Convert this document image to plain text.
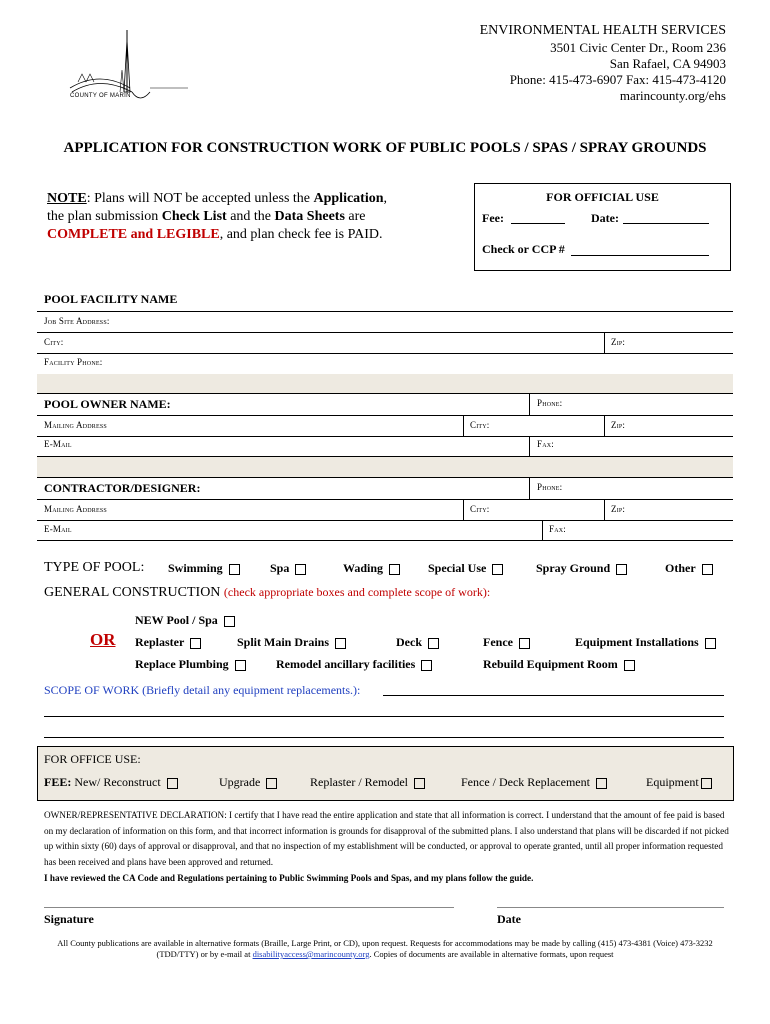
COUNTY OF MARIN
ENVIRONMENTAL HEALTH SERVICES
3501 Civic Center Dr., Room 236
San Rafael, CA 94903
Phone: 415-473-6907 Fax: 415-473-4120
marincounty.org/ehs
APPLICATION FOR CONSTRUCTION WORK OF PUBLIC POOLS / SPAS / SPRAY GROUNDS
NOTE: Plans will NOT be accepted unless the Application,
the plan submission Check List and the Data Sheets are
COMPLETE and LEGIBLE, and plan check fee is PAID.
FOR OFFICIAL USE
Fee:	Date:
Check or CCP #
POOL FACILITY NAME
Job Site Address:
City:	Zip:
Facility Phone:
POOL OWNER NAME:	Phone:
Mailing Address	City:	Zip:
E-Mail	Fax:
CONTRACTOR/DESIGNER:	Phone:
Mailing Address	City:	Zip:
E-Mail	Fax:
TYPE OF POOL: Swimming	Spa	Wading	Special Use	Spray Ground	Other
GENERAL CONSTRUCTION (check appropriate boxes and complete scope of work):
NEW Pool / Spa
OR Replaster	Split Main Drains	Deck	Fence	Equipment Installations
Replace Plumbing	Remodel ancillary facilities	Rebuild Equipment Room
SCOPE OF WORK (Briefly detail any equipment replacements.):
FOR OFFICE USE:
FEE: New/ Reconstruct	Upgrade	Replaster / Remodel	Fence / Deck Replacement	Equipment
OWNER/REPRESENTATIVE DECLARATION: I certify that I have read the entire application and state that all information is correct. I understand that the amount of fee paid is based on my declaration of information on this form, and that incorrect information is grounds for disapproval of the submitted plans. I also understand that plans will be discarded if not picked up within sixty (60) days of approval or disapproval, and that no inspection of my establishment will be conducted, or approval to operate granted, until all proper information requested has been received and plans have been approved and returned.
I have reviewed the CA Code and Regulations pertaining to Public Swimming Pools and Spas, and my plans follow the guide.
Signature	Date
All County publications are available in alternative formats (Braille, Large Print, or CD), upon request. Requests for accommodations may be made by calling (415) 473-4381 (Voice) 473-3232
(TDD/TTY) or by e-mail at disabilityaccess@marincounty.org. Copies of documents are available in alternative formats, upon request
